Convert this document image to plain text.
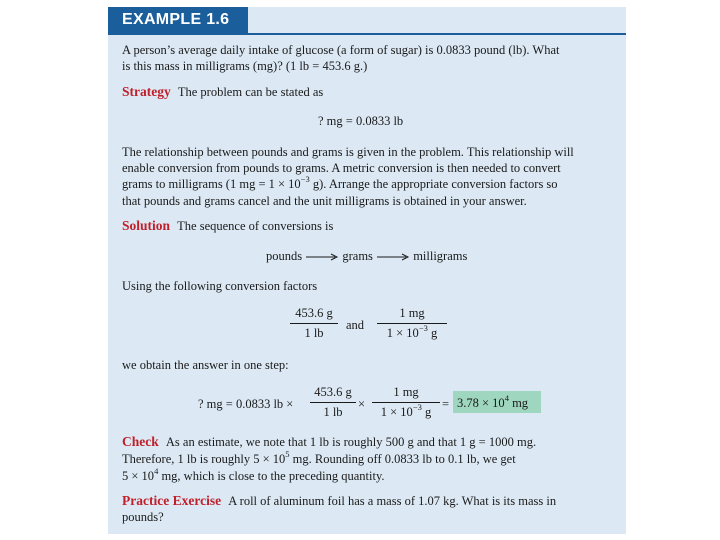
EXAMPLE 1.6
A person’s average daily intake of glucose (a form of sugar) is 0.0833 pound (lb). What
is this mass in milligrams (mg)? (1 lb = 453.6 g.)
Strategy The problem can be stated as
? mg = 0.0833 lb
The relationship between pounds and grams is given in the problem. This relationship will
enable conversion from pounds to grams. A metric conversion is then needed to convert
grams to milligrams (1 mg = $1 \times 10^{-3}$ g). Arrange the appropriate conversion factors so
that pounds and grams cancel and the unit milligrams is obtained in your answer.
Solution The sequence of conversions is
pounds	grams	milligrams
Using the following conversion factors
453.6 g
1 lb
and
1 mg
$1 \times 10^{-3}$ g
we obtain the answer in one step:
? mg = 0.0833 lb ×
453.6 g
1 lb
×
1 mg
$1 \times 10^{-3}$ g
= $3.78 \times 10^4$ mg
Check As an estimate, we note that 1 lb is roughly 500 g and that 1 g = 1000 mg.
Therefore, 1 lb is roughly $5 \times 10^5$ mg. Rounding off 0.0833 lb to 0.1 lb, we get
$5 \times 10^4$ mg, which is close to the preceding quantity.
Practice Exercise A roll of aluminum foil has a mass of 1.07 kg. What is its mass in
pounds?
